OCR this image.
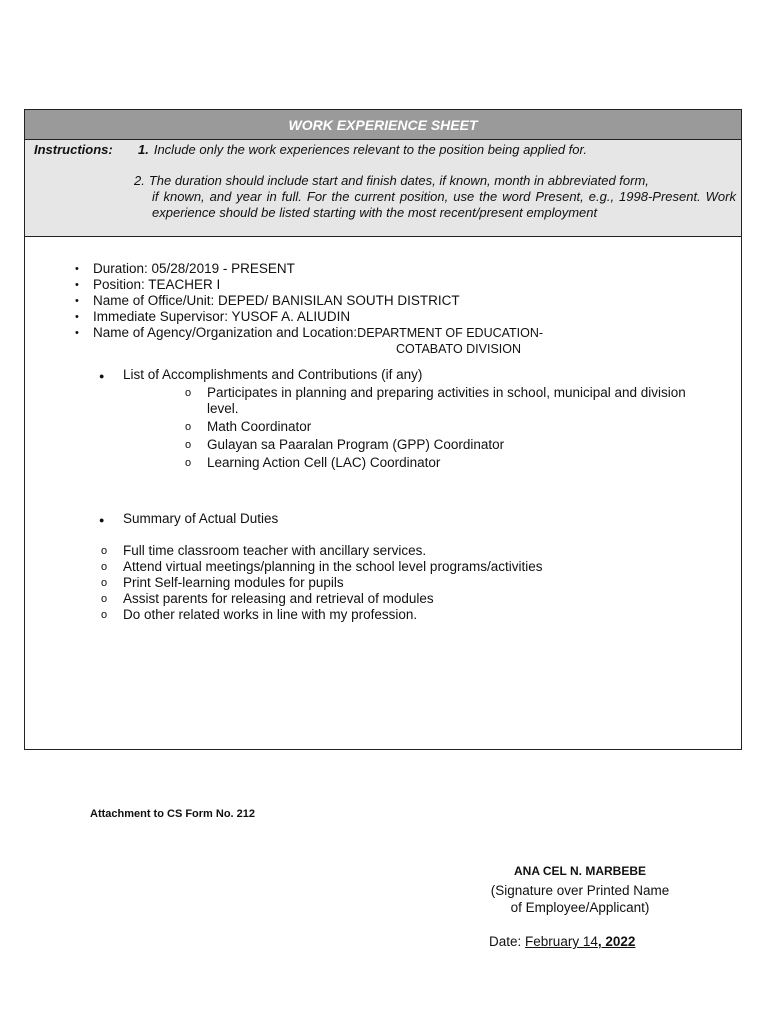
WORK EXPERIENCE SHEET
Instructions: 1. Include only the work experiences relevant to the position being applied for.
2. The duration should include start and finish dates, if known, month in abbreviated form,
if known, and year in full. For the current position, use the word Present, e.g., 1998-Present. Work experience should be listed starting with the most recent/present employment
• Duration: 05/28/2019 - PRESENT
• Position: TEACHER I
• Name of Office/Unit: DEPED/ BANISILAN SOUTH DISTRICT
• Immediate Supervisor: YUSOF A. ALIUDIN
• Name of Agency/Organization and Location:DEPARTMENT OF EDUCATION-
COTABATO DIVISION
● List of Accomplishments and Contributions (if any)
o Participates in planning and preparing activities in school, municipal and division level.
o Math Coordinator
o Gulayan sa Paaralan Program (GPP) Coordinator
o Learning Action Cell (LAC) Coordinator
● Summary of Actual Duties
o Full time classroom teacher with ancillary services.
o Attend virtual meetings/planning in the school level programs/activities
o Print Self-learning modules for pupils
o Assist parents for releasing and retrieval of modules
o Do other related works in line with my profession.
Attachment to CS Form No. 212
ANA CEL N. MARBEBE
(Signature over Printed Name
of Employee/Applicant)
Date: February 14, 2022
